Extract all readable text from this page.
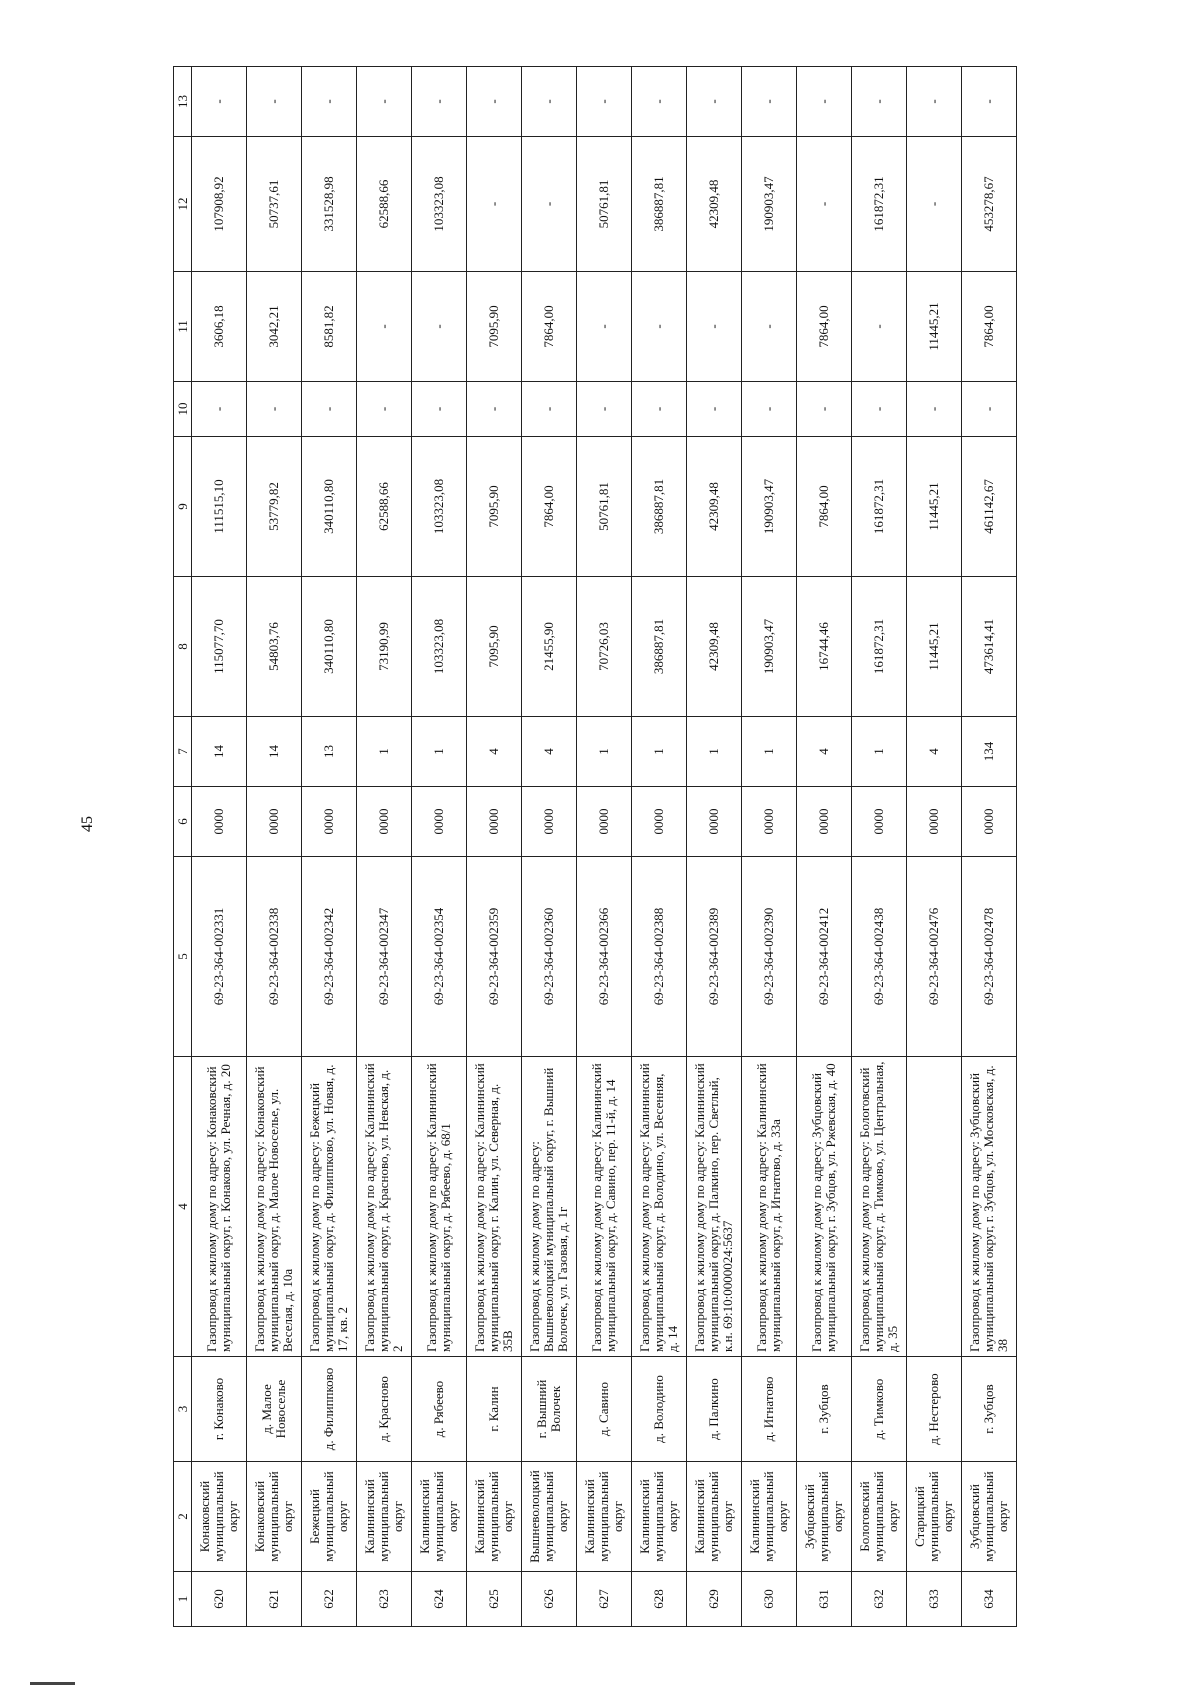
45
1	2	3	4	5	6	7	8	9	10	11	12	13
620	Конаковский муниципальный округ	г. Конаково	Газопровод к жилому дому по адресу: Конаковский муниципальный округ, г. Конаково, ул. Речная, д. 20	69-23-364-002331	0000	14	115077,70	111515,10	-	3606,18	107908,92	-
621	Конаковский муниципальный округ	д. Малое Новоселье	Газопровод к жилому дому по адресу: Конаковский муниципальный округ, д. Малое Новоселье, ул. Веселая, д. 10а	69-23-364-002338	0000	14	54803,76	53779,82	-	3042,21	50737,61	-
622	Бежецкий муниципальный округ	д. Филиппково	Газопровод к жилому дому по адресу: Бежецкий муниципальный округ, д. Филиппково, ул. Новая, д. 17, кв. 2	69-23-364-002342	0000	13	340110,80	340110,80	-	8581,82	331528,98	-
623	Калининский муниципальный округ	д. Красново	Газопровод к жилому дому по адресу: Калининский муниципальный округ, д. Красново, ул. Невская, д. 2	69-23-364-002347	0000	1	73190,99	62588,66	-	-	62588,66	-
624	Калининский муниципальный округ	д. Рябеево	Газопровод к жилому дому по адресу: Калининский муниципальный округ, д. Рябеево, д. 68/1	69-23-364-002354	0000	1	103323,08	103323,08	-	-	103323,08	-
625	Калининский муниципальный округ	г. Калин	Газопровод к жилому дому по адресу: Калининский муниципальный округ, г. Калин, ул. Северная, д. 35В	69-23-364-002359	0000	4	7095,90	7095,90	-	7095,90	-	-
626	Вышневолоцкий муниципальный округ	г. Вышний Волочек	Газопровод к жилому дому по адресу: Вышневолоцкий муниципальный округ, г. Вышний Волочек, ул. Газовая, д. 1г	69-23-364-002360	0000	4	21455,90	7864,00	-	7864,00	-	-
627	Калининский муниципальный округ	д. Савино	Газопровод к жилому дому по адресу: Калининский муниципальный округ, д. Савино, пер. 11-й, д. 14	69-23-364-002366	0000	1	70726,03	50761,81	-	-	50761,81	-
628	Калининский муниципальный округ	д. Володино	Газопровод к жилому дому по адресу: Калининский муниципальный округ, д. Володино, ул. Весенняя, д. 14	69-23-364-002388	0000	1	386887,81	386887,81	-	-	386887,81	-
629	Калининский муниципальный округ	д. Палкино	Газопровод к жилому дому по адресу: Калининский муниципальный округ, д. Палкино, пер. Светлый, к.н. 69:10:0000024:5637	69-23-364-002389	0000	1	42309,48	42309,48	-	-	42309,48	-
630	Калининский муниципальный округ	д. Игнатово	Газопровод к жилому дому по адресу: Калининский муниципальный округ, д. Игнатово, д. 33а	69-23-364-002390	0000	1	190903,47	190903,47	-	-	190903,47	-
631	Зубцовский муниципальный округ	г. Зубцов	Газопровод к жилому дому по адресу: Зубцовский муниципальный округ, г. Зубцов, ул. Ржевская, д. 40	69-23-364-002412	0000	4	16744,46	7864,00	-	7864,00	-	-
632	Бологовский муниципальный округ	д. Тимково	Газопровод к жилому дому по адресу: Бологовский муниципальный округ, д. Тимково, ул. Центральная, д. 35	69-23-364-002438	0000	1	161872,31	161872,31	-	-	161872,31	-
633	Старицкий муниципальный округ	д. Нестерово		69-23-364-002476	0000	4	11445,21	11445,21	-	11445,21	-	-
634	Зубцовский муниципальный округ	г. Зубцов	Газопровод к жилому дому по адресу: Зубцовский муниципальный округ, г. Зубцов, ул. Московская, д. 38	69-23-364-002478	0000	134	473614,41	461142,67	-	7864,00	453278,67	-
